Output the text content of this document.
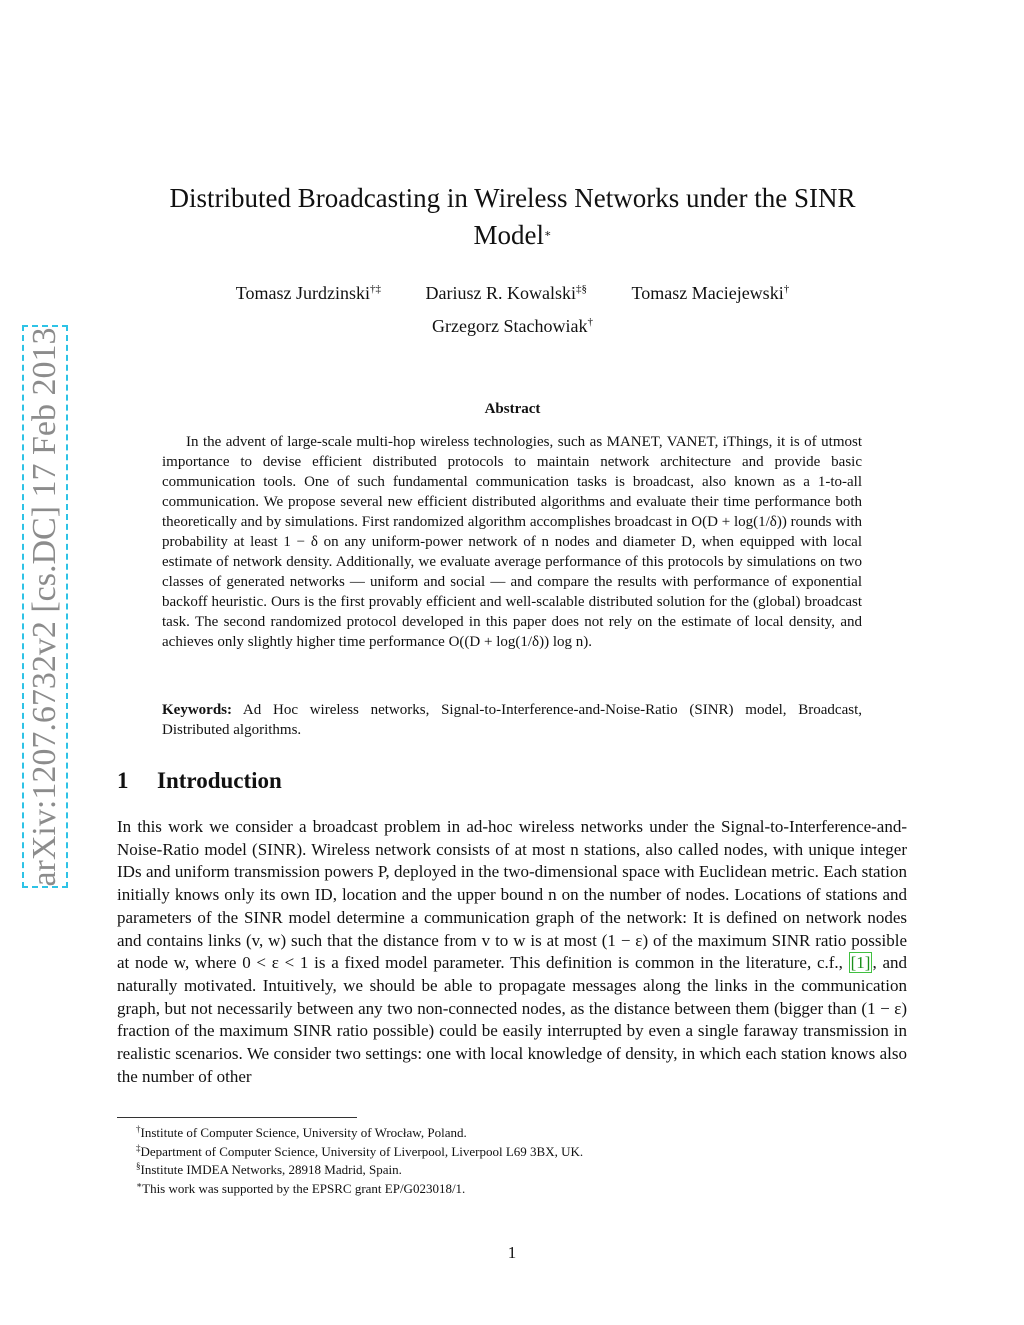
arXiv:1207.6732v2 [cs.DC] 17 Feb 2013
Distributed Broadcasting in Wireless Networks under the SINR
Model∗
Tomasz Jurdzinski†‡ Dariusz R. Kowalski‡§ Tomasz Maciejewski†
Grzegorz Stachowiak†
Abstract

In the advent of large-scale multi-hop wireless technologies, such as MANET, VANET, iThings, it is of utmost importance to devise efficient distributed protocols to maintain network architecture and provide basic communication tools. One of such fundamental communication tasks is broadcast, also known as a 1-to-all communication. We propose several new efficient distributed algorithms and evaluate their time performance both theoretically and by simulations. First randomized algorithm accomplishes broadcast in O(D + log(1/δ)) rounds with probability at least 1 − δ on any uniform-power network of n nodes and diameter D, when equipped with local estimate of network density. Additionally, we evaluate average performance of this protocols by simulations on two classes of generated networks — uniform and social — and compare the results with performance of exponential backoff heuristic. Ours is the first provably efficient and well-scalable distributed solution for the (global) broadcast task. The second randomized protocol developed in this paper does not rely on the estimate of local density, and achieves only slightly higher time performance O((D + log(1/δ)) log n).

Keywords: Ad Hoc wireless networks, Signal-to-Interference-and-Noise-Ratio (SINR) model, Broadcast, Distributed algorithms.

1 Introduction

In this work we consider a broadcast problem in ad-hoc wireless networks under the Signal-to-Interference-and-Noise-Ratio model (SINR). Wireless network consists of at most n stations, also called nodes, with unique integer IDs and uniform transmission powers P, deployed in the two-dimensional space with Euclidean metric. Each station initially knows only its own ID, location and the upper bound n on the number of nodes. Locations of stations and parameters of the SINR model determine a communication graph of the network: It is defined on network nodes and contains links (v, w) such that the distance from v to w is at most (1 − ε) of the maximum SINR ratio possible at node w, where 0 < ε < 1 is a fixed model parameter. This definition is common in the literature, c.f., [1] , and naturally motivated. Intuitively, we should be able to propagate messages along the links in the communication graph, but not necessarily between any two non-connected nodes, as the distance between them (bigger than (1 − ε) fraction of the maximum SINR ratio possible) could be easily interrupted by even a single faraway transmission in realistic scenarios. We consider two settings: one with local knowledge of density, in which each station knows also the number of other

†Institute of Computer Science, University of Wrocław, Poland.
‡Department of Computer Science, University of Liverpool, Liverpool L69 3BX, UK.
§Institute IMDEA Networks, 28918 Madrid, Spain.
∗This work was supported by the EPSRC grant EP/G023018/1.
1
